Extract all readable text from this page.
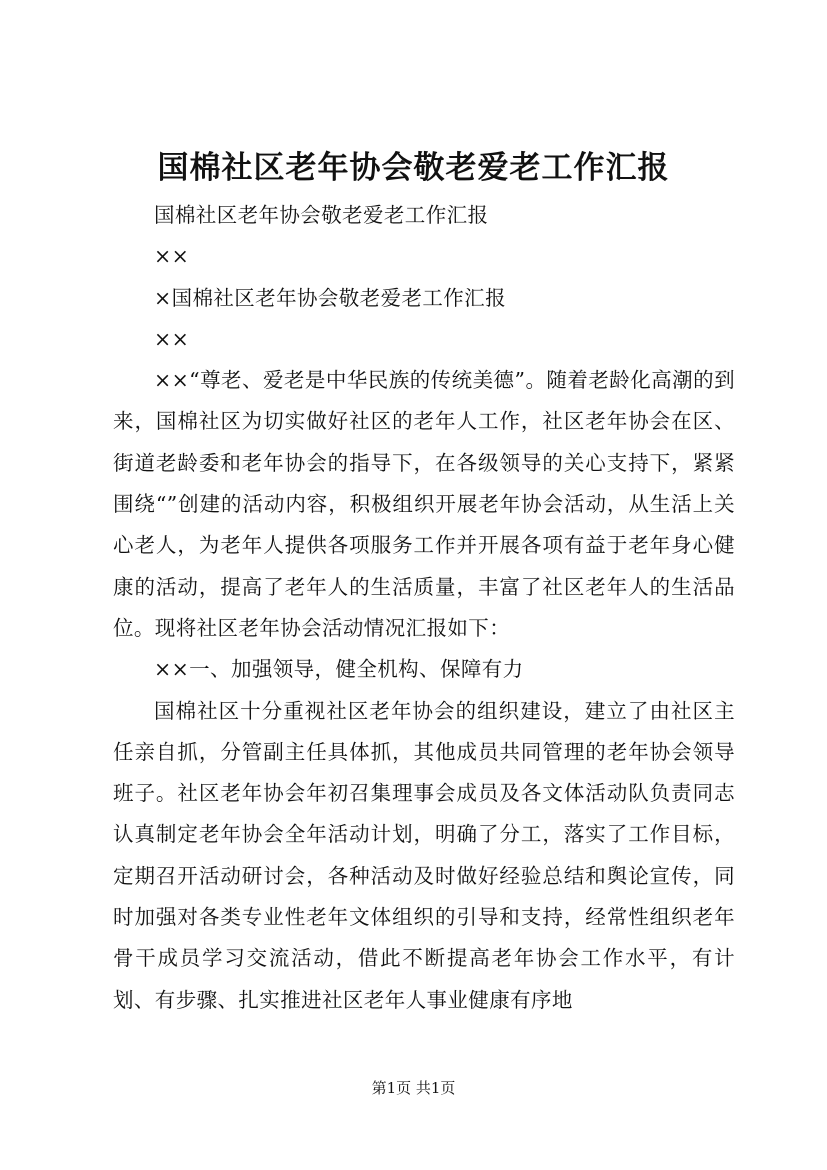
国棉社区老年协会敬老爱老工作汇报

国棉社区老年协会敬老爱老工作汇报

××

×国棉社区老年协会敬老爱老工作汇报

××

××“尊老、爱老是中华民族的传统美德”。随着老龄化高潮的到来，国棉社区为切实做好社区的老年人工作，社区老年协会在区、街道老龄委和老年协会的指导下，在各级领导的关心支持下，紧紧围绕“”创建的活动内容，积极组织开展老年协会活动，从生活上关心老人，为老年人提供各项服务工作并开展各项有益于老年身心健康的活动，提高了老年人的生活质量，丰富了社区老年人的生活品位。现将社区老年协会活动情况汇报如下：

××一、加强领导，健全机构、保障有力

国棉社区十分重视社区老年协会的组织建设，建立了由社区主任亲自抓，分管副主任具体抓，其他成员共同管理的老年协会领导班子。社区老年协会年初召集理事会成员及各文体活动队负责同志认真制定老年协会全年活动计划，明确了分工，落实了工作目标，定期召开活动研讨会，各种活动及时做好经验总结和舆论宣传，同时加强对各类专业性老年文体组织的引导和支持，经常性组织老年骨干成员学习交流活动，借此不断提高老年协会工作水平，有计划、有步骤、扎实推进社区老年人事业健康有序地

第1页 共1页
